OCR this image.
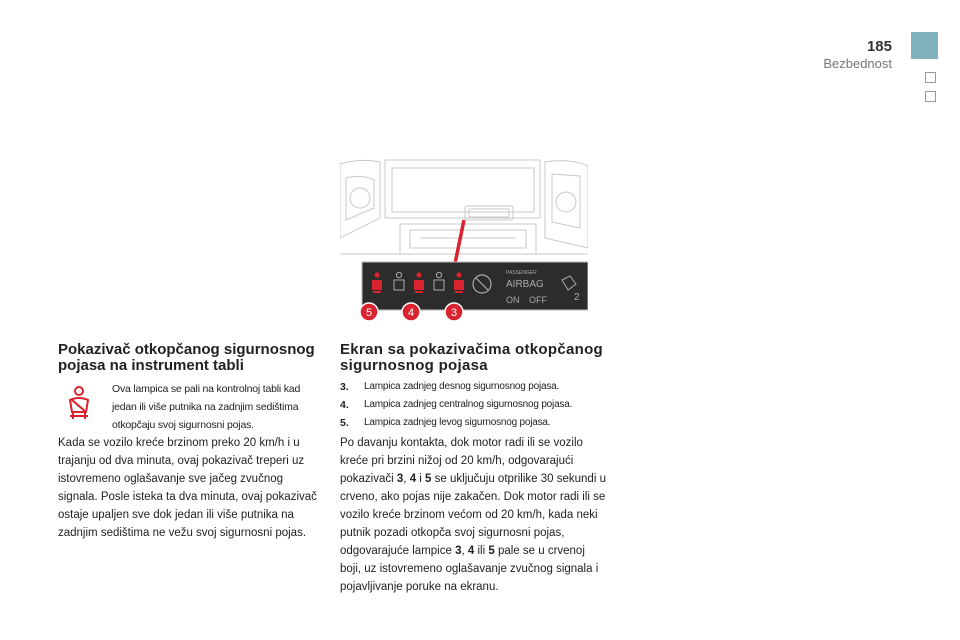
185
Bezbednost
PASSENGER
AIRBAG
ON OFF	2
5	4	3
Pokazivač otkopčanog sigurnosnog pojasa na instrument tabli
Ova lampica se pali na kontrolnoj tabli kad jedan ili više putnika na zadnjim sedištima otkopčaju svoj sigurnosni pojas.
Kada se vozilo kreće brzinom preko 20 km/h i u trajanju od dva minuta, ovaj pokazivač treperi uz istovremeno oglašavanje sve jačeg zvučnog signala. Posle isteka ta dva minuta, ovaj pokazivač ostaje upaljen sve dok jedan ili više putnika na zadnjim sedištima ne vežu svoj sigurnosni pojas.
Ekran sa pokazivačima otkopčanog sigurnosnog pojasa
3.	Lampica zadnjeg desnog sigurnosnog pojasa.
4.	Lampica zadnjeg centralnog sigurnosnog pojasa.
5.	Lampica zadnjeg levog sigurnosnog pojasa.
Po davanju kontakta, dok motor radi ili se vozilo kreće pri brzini nižoj od 20 km/h, odgovarajući pokazivači 3, 4 i 5 se uključuju otprilike 30 sekundi u crveno, ako pojas nije zakačen. Dok motor radi ili se vozilo kreće brzinom većom od 20 km/h, kada neki putnik pozadi otkopča svoj sigurnosni pojas, odgovarajuće lampice 3, 4 ili 5 pale se u crvenoj boji, uz istovremeno oglašavanje zvučnog signala i pojavljivanje poruke na ekranu.
